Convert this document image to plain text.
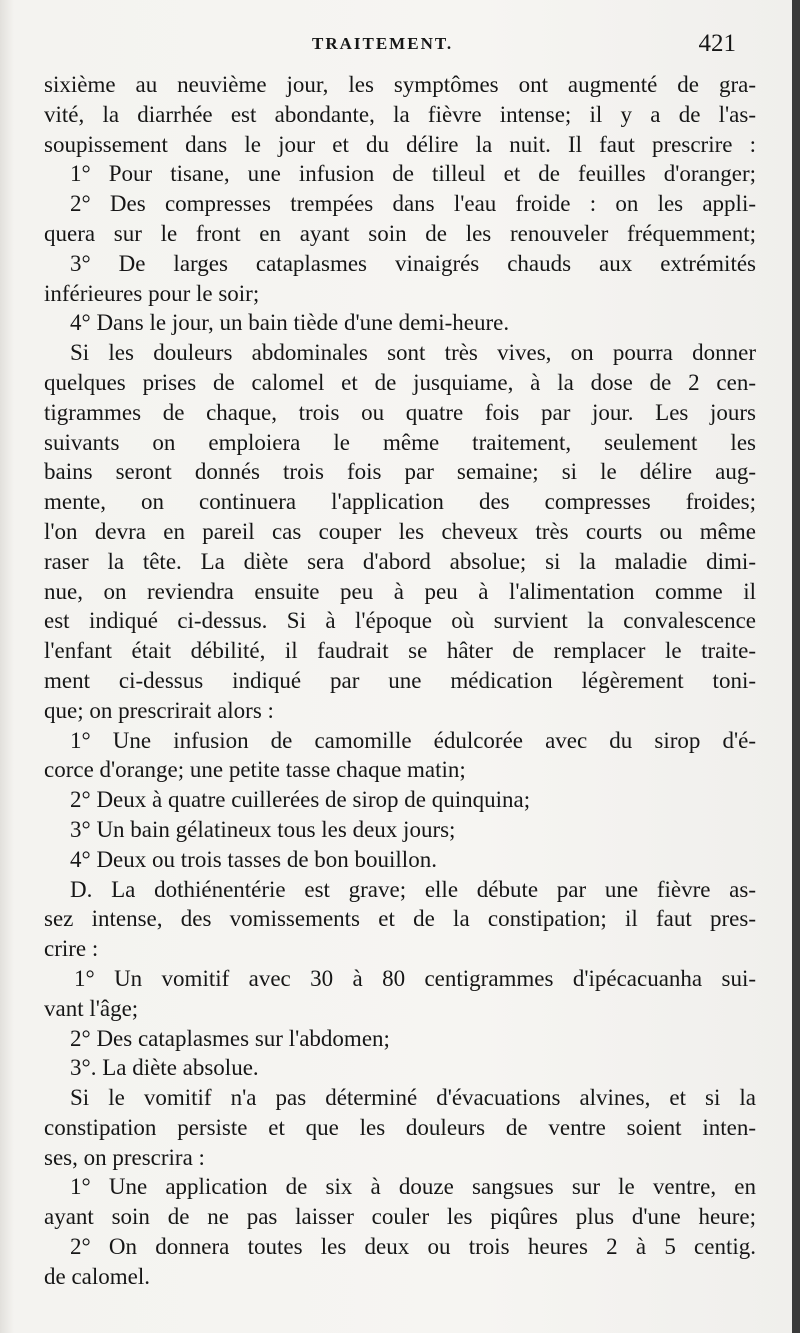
TRAITEMENT.	421
sixième au neuvième jour, les symptômes ont augmenté de gra-
vité, la diarrhée est abondante, la fièvre intense; il y a de l'as-
soupissement dans le jour et du délire la nuit. Il faut prescrire :
1° Pour tisane, une infusion de tilleul et de feuilles d'oranger;
2° Des compresses trempées dans l'eau froide : on les appli-
quera sur le front en ayant soin de les renouveler fréquemment;
3° De larges cataplasmes vinaigrés chauds aux extrémités
inférieures pour le soir;
4° Dans le jour, un bain tiède d'une demi-heure.
Si les douleurs abdominales sont très vives, on pourra donner
quelques prises de calomel et de jusquiame, à la dose de 2 cen-
tigrammes de chaque, trois ou quatre fois par jour. Les jours
suivants on emploiera le même traitement, seulement les
bains seront donnés trois fois par semaine; si le délire aug-
mente, on continuera l'application des compresses froides;
l'on devra en pareil cas couper les cheveux très courts ou même
raser la tête. La diète sera d'abord absolue; si la maladie dimi-
nue, on reviendra ensuite peu à peu à l'alimentation comme il
est indiqué ci-dessus. Si à l'époque où survient la convalescence
l'enfant était débilité, il faudrait se hâter de remplacer le traite-
ment ci-dessus indiqué par une médication légèrement toni-
que; on prescrirait alors :
1° Une infusion de camomille édulcorée avec du sirop d'é-
corce d'orange; une petite tasse chaque matin;
2° Deux à quatre cuillerées de sirop de quinquina;
3° Un bain gélatineux tous les deux jours;
4° Deux ou trois tasses de bon bouillon.
D. La dothiénentérie est grave; elle débute par une fièvre as-
sez intense, des vomissements et de la constipation; il faut pres-
crire :
1° Un vomitif avec 30 à 80 centigrammes d'ipécacuanha sui-
vant l'âge;
2° Des cataplasmes sur l'abdomen;
3°. La diète absolue.
Si le vomitif n'a pas déterminé d'évacuations alvines, et si la
constipation persiste et que les douleurs de ventre soient inten-
ses, on prescrira :
1° Une application de six à douze sangsues sur le ventre, en
ayant soin de ne pas laisser couler les piqûres plus d'une heure;
2° On donnera toutes les deux ou trois heures 2 à 5 centig.
de calomel.
